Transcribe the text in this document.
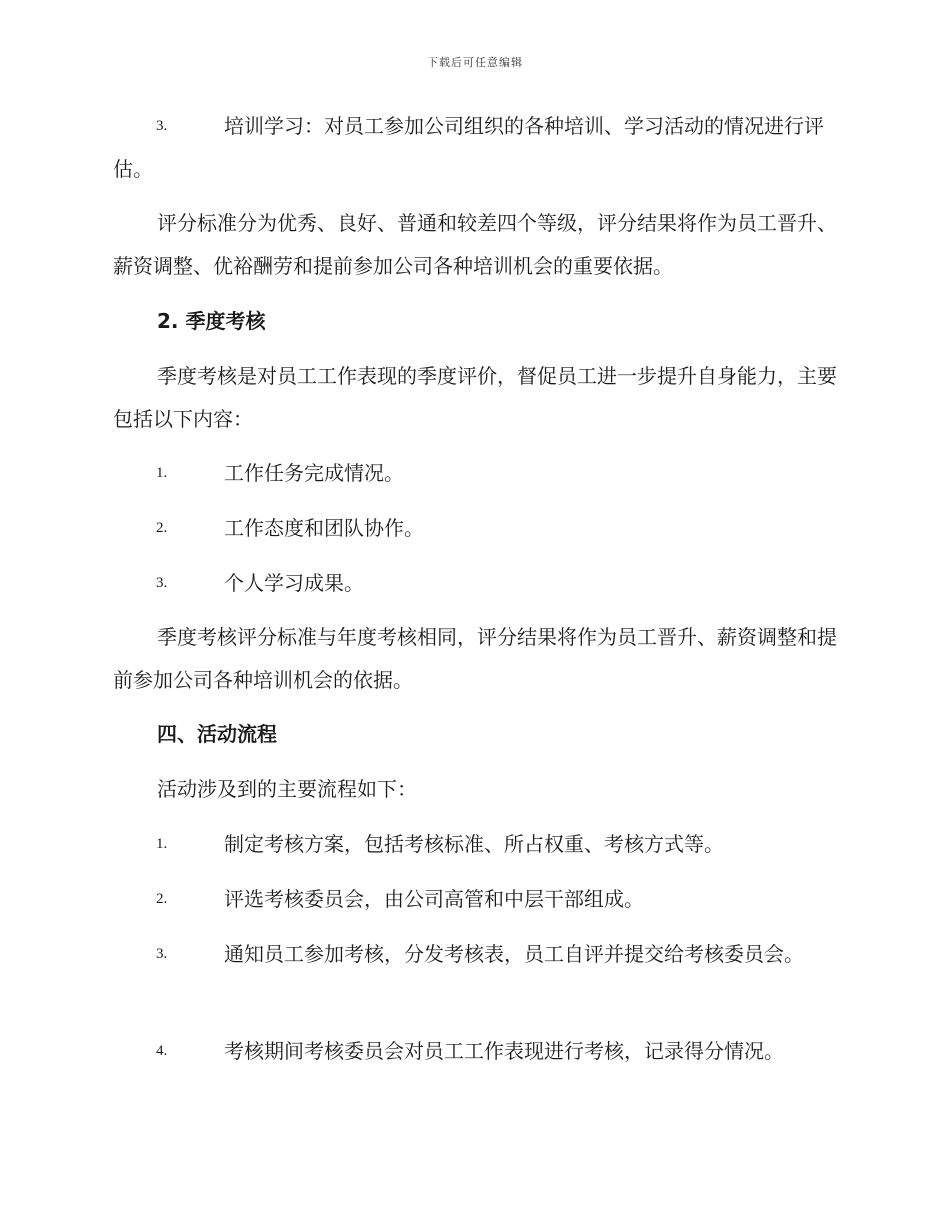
下载后可任意编辑
3.	培训学习：对员工参加公司组织的各种培训、学习活动的情况进行评估。
评分标准分为优秀、良好、普通和较差四个等级，评分结果将作为员工晋升、薪资调整、优裕酬劳和提前参加公司各种培训机会的重要依据。
2. 季度考核
季度考核是对员工工作表现的季度评价，督促员工进一步提升自身能力，主要包括以下内容：
1.	工作任务完成情况。
2.	工作态度和团队协作。
3.	个人学习成果。
季度考核评分标准与年度考核相同，评分结果将作为员工晋升、薪资调整和提前参加公司各种培训机会的依据。
四、活动流程
活动涉及到的主要流程如下：
1.	制定考核方案，包括考核标准、所占权重、考核方式等。
2.	评选考核委员会，由公司高管和中层干部组成。
3.	通知员工参加考核，分发考核表，员工自评并提交给考核委员会。
4.	考核期间考核委员会对员工工作表现进行考核，记录得分情况。
